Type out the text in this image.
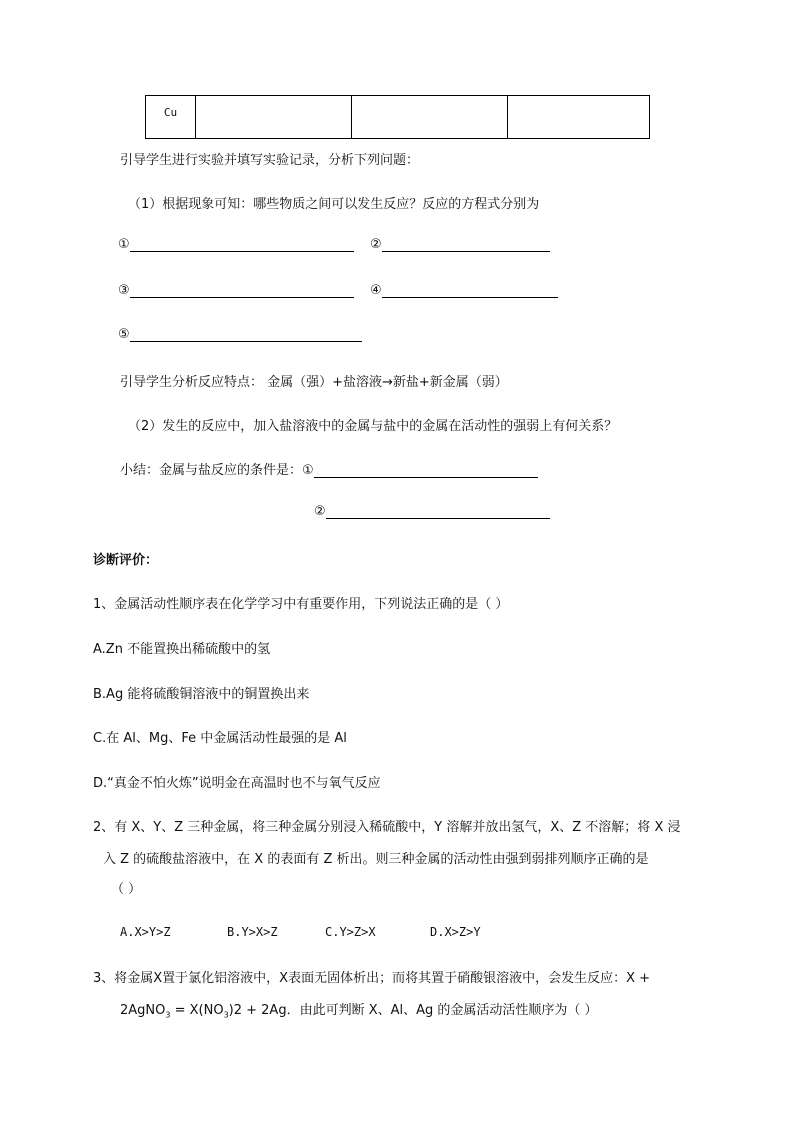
Cu
引导学生进行实验并填写实验记录，分析下列问题：
（1）根据现象可知：哪些物质之间可以发生反应？反应的方程式分别为
①	②
③	④
⑤
引导学生分析反应特点： 金属（强）+盐溶液→新盐+新金属（弱）
（2）发生的反应中，加入盐溶液中的金属与盐中的金属在活动性的强弱上有何关系？
小结：金属与盐反应的条件是：①
②
诊断评价：
1、金属活动性顺序表在化学学习中有重要作用，下列说法正确的是（ ）
A.Zn 不能置换出稀硫酸中的氢
B.Ag 能将硫酸铜溶液中的铜置换出来
C.在 Al、Mg、Fe 中金属活动性最强的是 Al
D.“真金不怕火炼”说明金在高温时也不与氧气反应
2、有 X、Y、Z 三种金属，将三种金属分别浸入稀硫酸中，Y 溶解并放出氢气，X、Z 不溶解；将 X 浸
入 Z 的硫酸盐溶液中，在 X 的表面有 Z 析出。则三种金属的活动性由强到弱排列顺序正确的是
（ ）
A.X>Y>Z	B.Y>X>Z	C.Y>Z>X	D.X>Z>Y
3、将金属X置于氯化铝溶液中，X表面无固体析出；而将其置于硝酸银溶液中，会发生反应：X +
2AgNO$_3$ = $X(NO_3)2 + 2Ag$．由此可判断 X、Al、Ag 的金属活动活性顺序为（ ）
